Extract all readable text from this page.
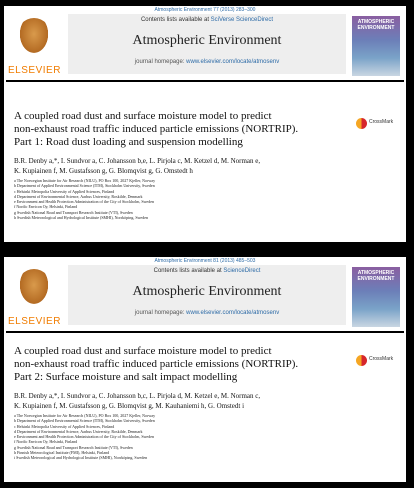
Atmospheric Environment 77 (2013) 283–300
ELSEVIER
Contents lists available at SciVerse ScienceDirect
Atmospheric Environment
journal homepage: www.elsevier.com/locate/atmosenv
ATMOSPHERIC ENVIRONMENT
A coupled road dust and surface moisture model to predict
non-exhaust road traffic induced particle emissions (NORTRIP).
Part 1: Road dust loading and suspension modelling
CrossMark
B.R. Denby a,*, I. Sundvor a, C. Johansson b,e, L. Pirjola c, M. Ketzel d, M. Norman e,
K. Kupiainen f, M. Gustafsson g, G. Blomqvist g, G. Omstedt h
a The Norwegian Institute for Air Research (NILU), PO Box 100, 2027 Kjeller, Norway
b Department of Applied Environmental Science (ITM), Stockholm University, Sweden
c Helsinki Metropolia University of Applied Sciences, Finland
d Department of Environmental Science, Aarhus University, Roskilde, Denmark
e Environment and Health Protection Administration of the City of Stockholm, Sweden
f Nordic Envicon Oy, Helsinki, Finland
g Swedish National Road and Transport Research Institute (VTI), Sweden
h Swedish Meteorological and Hydrological Institute (SMHI), Norrköping, Sweden
Atmospheric Environment 81 (2013) 485–503
ELSEVIER
Contents lists available at ScienceDirect
Atmospheric Environment
journal homepage: www.elsevier.com/locate/atmosenv
ATMOSPHERIC ENVIRONMENT
A coupled road dust and surface moisture model to predict
non-exhaust road traffic induced particle emissions (NORTRIP).
Part 2: Surface moisture and salt impact modelling
CrossMark
B.R. Denby a,*, I. Sundvor a, C. Johansson b,c, L. Pirjola d, M. Ketzel e, M. Norman c,
K. Kupiainen f, M. Gustafsson g, G. Blomqvist g, M. Kauhaniemi h, G. Omstedt i
a The Norwegian Institute for Air Research (NILU), PO Box 100, 2027 Kjeller, Norway
b Department of Applied Environmental Science (ITM), Stockholm University, Sweden
c Helsinki Metropolia University of Applied Sciences, Finland
d Department of Environmental Science, Aarhus University, Roskilde, Denmark
e Environment and Health Protection Administration of the City of Stockholm, Sweden
f Nordic Envicon Oy, Helsinki, Finland
g Swedish National Road and Transport Research Institute (VTI), Sweden
h Finnish Meteorological Institute (FMI), Helsinki, Finland
i Swedish Meteorological and Hydrological Institute (SMHI), Norrköping, Sweden
